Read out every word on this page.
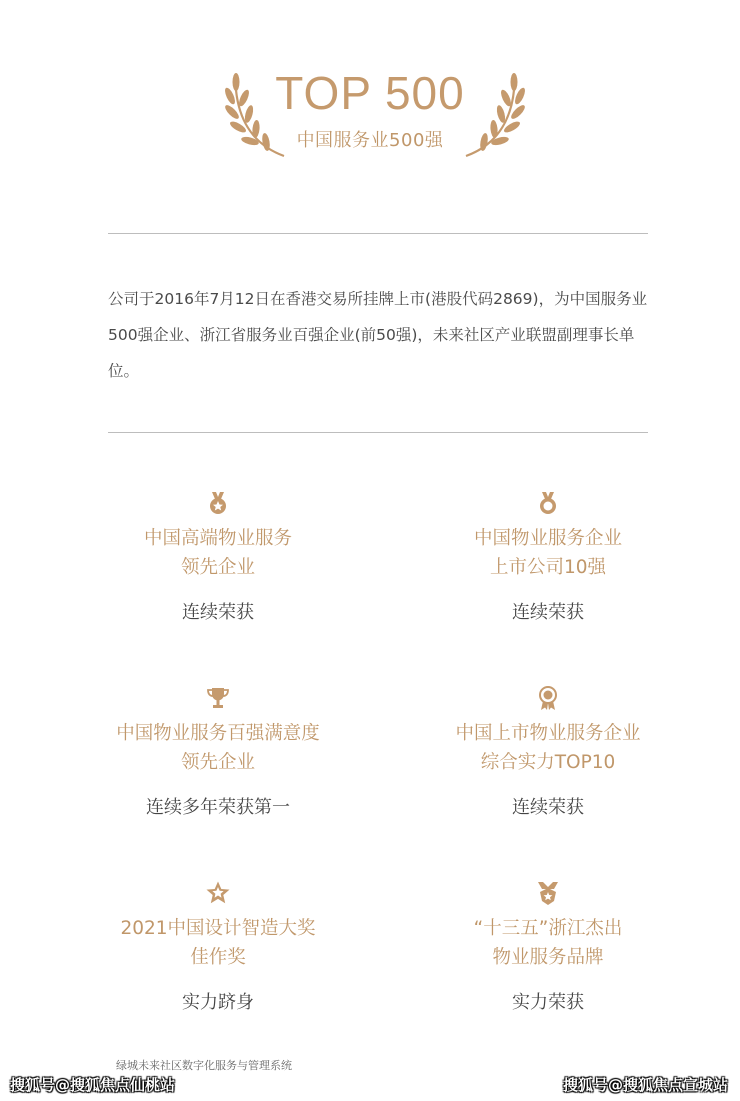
TOP 500
中国服务业500强

公司于2016年7月12日在香港交易所挂牌上市(港股代码2869)，为中国服务业500强企业、浙江省服务业百强企业(前50强)，未来社区产业联盟副理事长单位。

中国高端物业服务
领先企业
连续荣获
中国物业服务企业
上市公司10强
连续荣获
中国物业服务百强满意度
领先企业
连续多年荣获第一
中国上市物业服务企业
综合实力TOP10
连续荣获
2021中国设计智造大奖
佳作奖
实力跻身
“十三五”浙江杰出
物业服务品牌
实力荣获
绿城未来社区数字化服务与管理系统
搜狐号@搜狐焦点仙桃站	搜狐号@搜狐焦点宣城站
